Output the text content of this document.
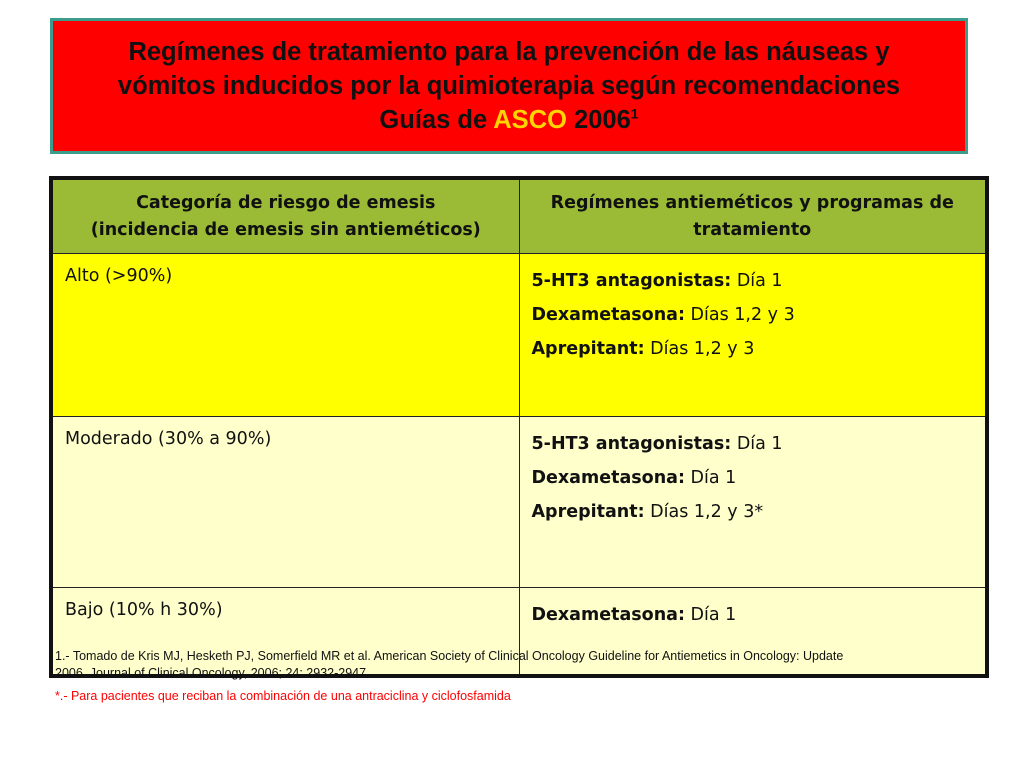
Regímenes de tratamiento para la prevención de las náuseas y
vómitos inducidos por la quimioterapia según recomendaciones
Guías de ASCO 2006$^1$
Categoría de riesgo de emesis
(incidencia de emesis sin antieméticos)	Regímenes antieméticos y programas de
tratamiento

Alto (>90%)	5-HT3 antagonistas: Día 1
Dexametasona: Días 1,2 y 3
Aprepitant: Días 1,2 y 3

Moderado (30% a 90%)	5-HT3 antagonistas: Día 1
Dexametasona: Día 1
Aprepitant: Días 1,2 y 3*

Bajo (10% h 30%)	Dexametasona: Día 1
1.- Tomado de Kris MJ, Hesketh PJ, Somerfield MR et al. American Society of Clinical Oncology Guideline for Antiemetics in Oncology: Update
2006. Journal of Clinical Oncology, 2006; 24: 2932-2947.
*.- Para pacientes que reciban la combinación de una antraciclina y ciclofosfamida
